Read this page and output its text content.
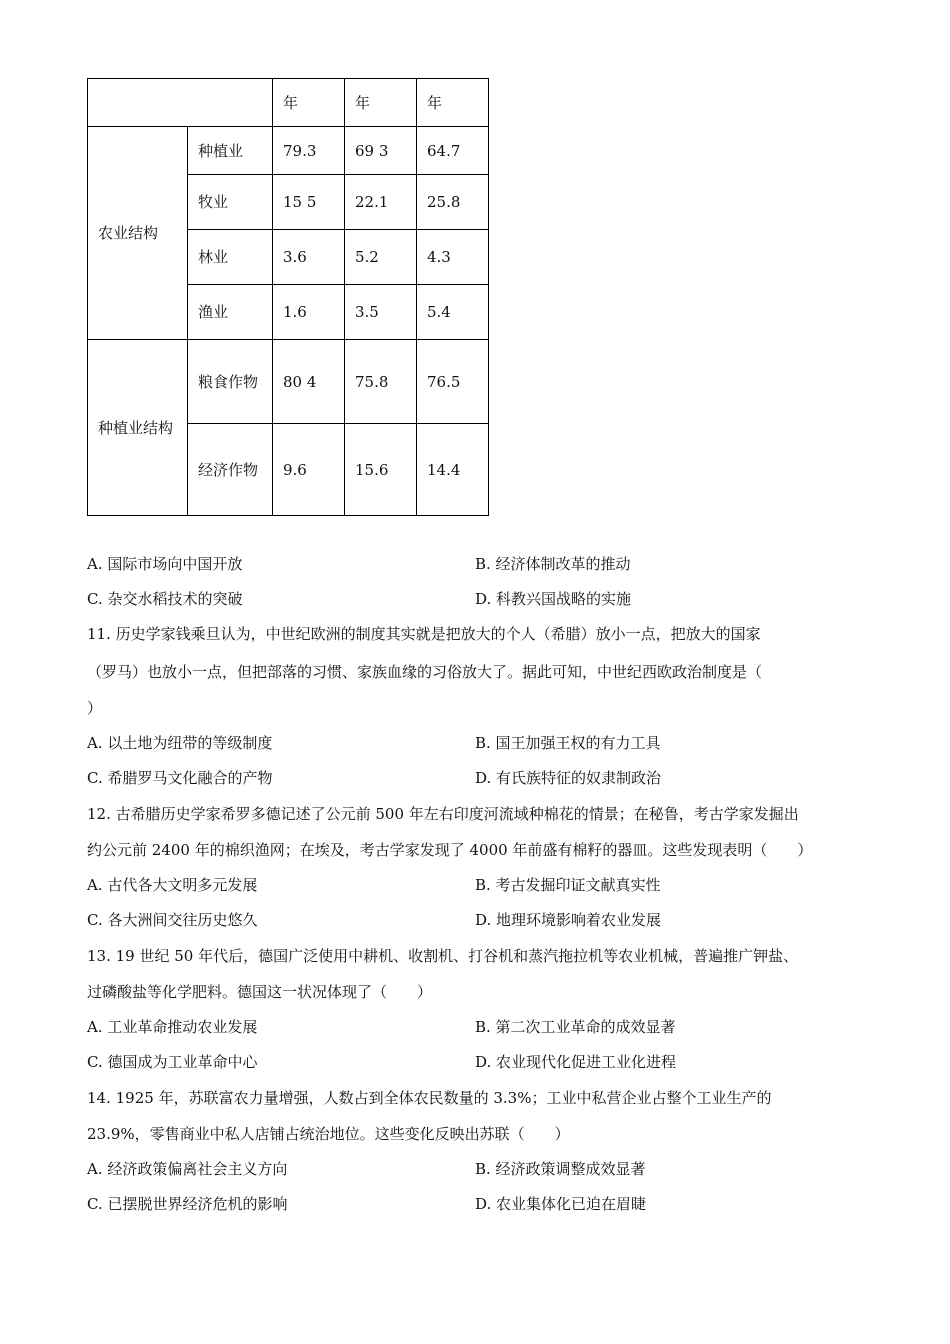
		年	年	年
农业结构	种植业	79.3	69 3	64.7
	牧业	15 5	22.1	25.8
	林业	3.6	5.2	4.3
	渔业	1.6	3.5	5.4
种植业结构	粮食作物	80 4	75.8	76.5
	经济作物	9.6	15.6	14.4
A. 国际市场向中国开放	B. 经济体制改革的推动
C. 杂交水稻技术的突破	D. 科教兴国战略的实施
11. 历史学家钱乘旦认为，中世纪欧洲的制度其实就是把放大的个人（希腊）放小一点，把放大的国家
（罗马）也放小一点，但把部落的习惯、家族血缘的习俗放大了。据此可知，中世纪西欧政治制度是（
）
A. 以土地为纽带的等级制度	B. 国王加强王权的有力工具
C. 希腊罗马文化融合的产物	D. 有氏族特征的奴隶制政治
12. 古希腊历史学家希罗多德记述了公元前 500 年左右印度河流域种棉花的情景；在秘鲁，考古学家发掘出
约公元前 2400 年的棉织渔网；在埃及，考古学家发现了 4000 年前盛有棉籽的器皿。这些发现表明（　　）
A. 古代各大文明多元发展	B. 考古发掘印证文献真实性
C. 各大洲间交往历史悠久	D. 地理环境影响着农业发展
13. 19 世纪 50 年代后，德国广泛使用中耕机、收割机、打谷机和蒸汽拖拉机等农业机械，普遍推广钾盐、
过磷酸盐等化学肥料。德国这一状况体现了（　　）
A. 工业革命推动农业发展	B. 第二次工业革命的成效显著
C. 德国成为工业革命中心	D. 农业现代化促进工业化进程
14. 1925 年，苏联富农力量增强，人数占到全体农民数量的 3.3%；工业中私营企业占整个工业生产的
23.9%，零售商业中私人店铺占统治地位。这些变化反映出苏联（　　）
A. 经济政策偏离社会主义方向	B. 经济政策调整成效显著
C. 已摆脱世界经济危机的影响	D. 农业集体化已迫在眉睫
